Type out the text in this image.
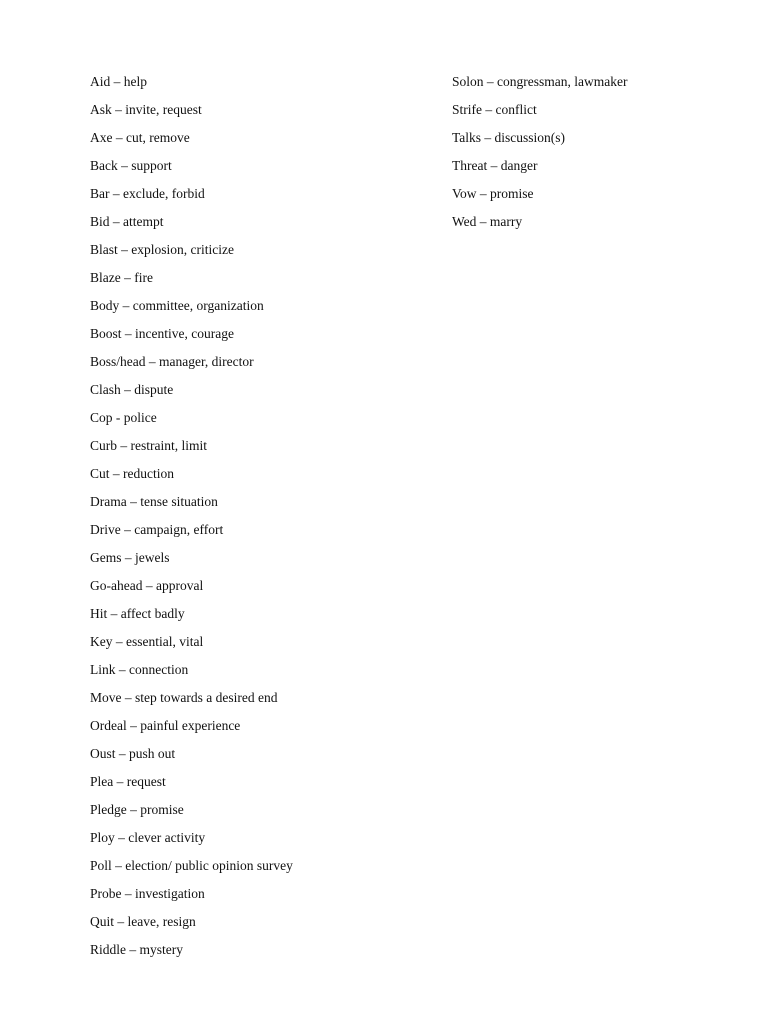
Aid – help
Ask – invite, request
Axe – cut, remove
Back – support
Bar – exclude, forbid
Bid – attempt
Blast – explosion, criticize
Blaze – fire
Body – committee, organization
Boost – incentive, courage
Boss/head – manager, director
Clash – dispute
Cop - police
Curb – restraint, limit
Cut – reduction
Drama – tense situation
Drive – campaign, effort
Gems – jewels
Go-ahead – approval
Hit – affect badly
Key – essential, vital
Link – connection
Move – step towards a desired end
Ordeal – painful experience
Oust – push out
Plea – request
Pledge – promise
Ploy – clever activity
Poll – election/ public opinion survey
Probe – investigation
Quit – leave, resign
Riddle – mystery
Solon – congressman, lawmaker
Strife – conflict
Talks – discussion(s)
Threat – danger
Vow – promise
Wed – marry
